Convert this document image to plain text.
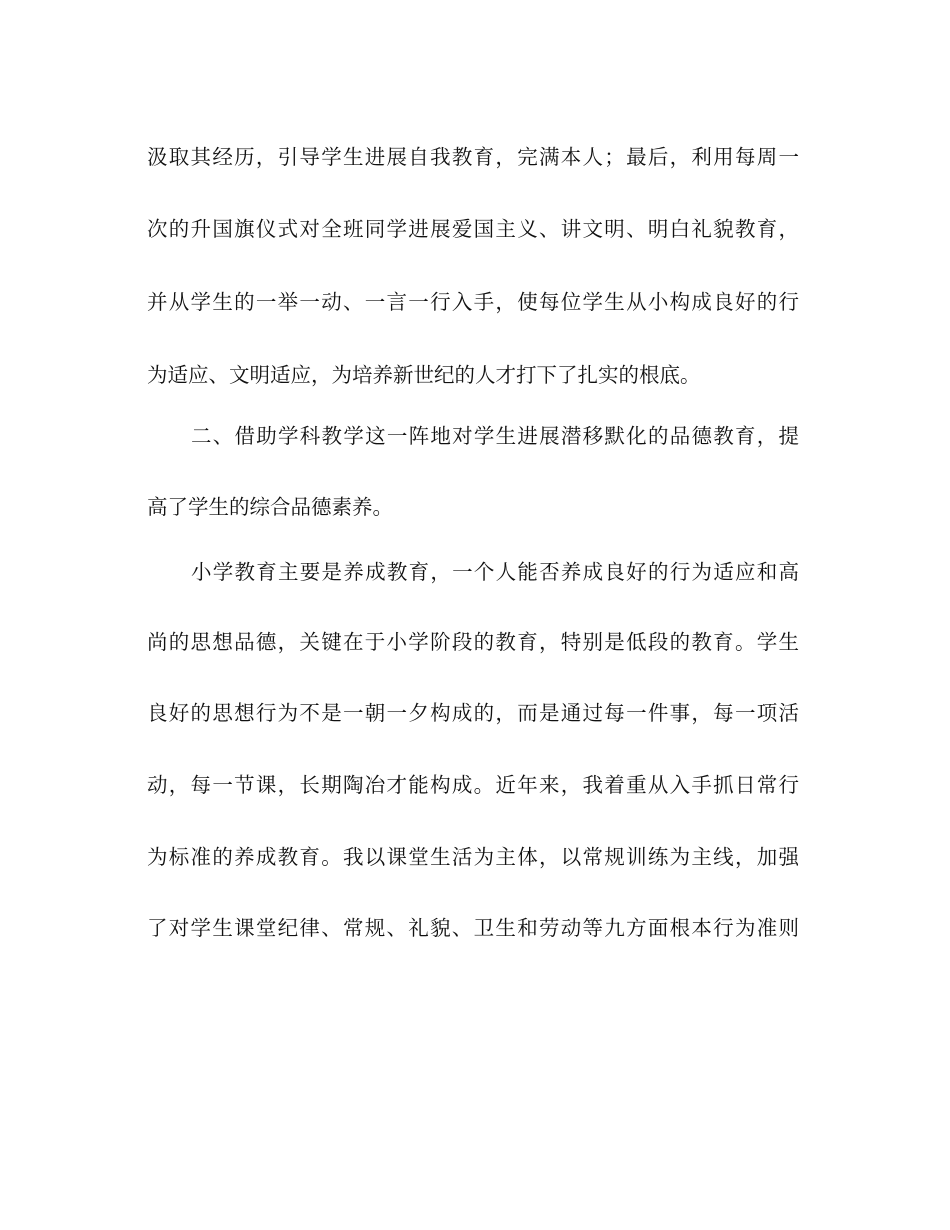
汲取其经历，引导学生进展自我教育，完满本人；最后，利用每周一
次的升国旗仪式对全班同学进展爱国主义、讲文明、明白礼貌教育，
并从学生的一举一动、一言一行入手，使每位学生从小构成良好的行
为适应、文明适应，为培养新世纪的人才打下了扎实的根底。
二、借助学科教学这一阵地对学生进展潜移默化的品德教育，提
高了学生的综合品德素养。
小学教育主要是养成教育，一个人能否养成良好的行为适应和高
尚的思想品德，关键在于小学阶段的教育，特别是低段的教育。学生
良好的思想行为不是一朝一夕构成的，而是通过每一件事，每一项活
动，每一节课，长期陶冶才能构成。近年来，我着重从入手抓日常行
为标准的养成教育。我以课堂生活为主体，以常规训练为主线，加强
了对学生课堂纪律、常规、礼貌、卫生和劳动等九方面根本行为准则
